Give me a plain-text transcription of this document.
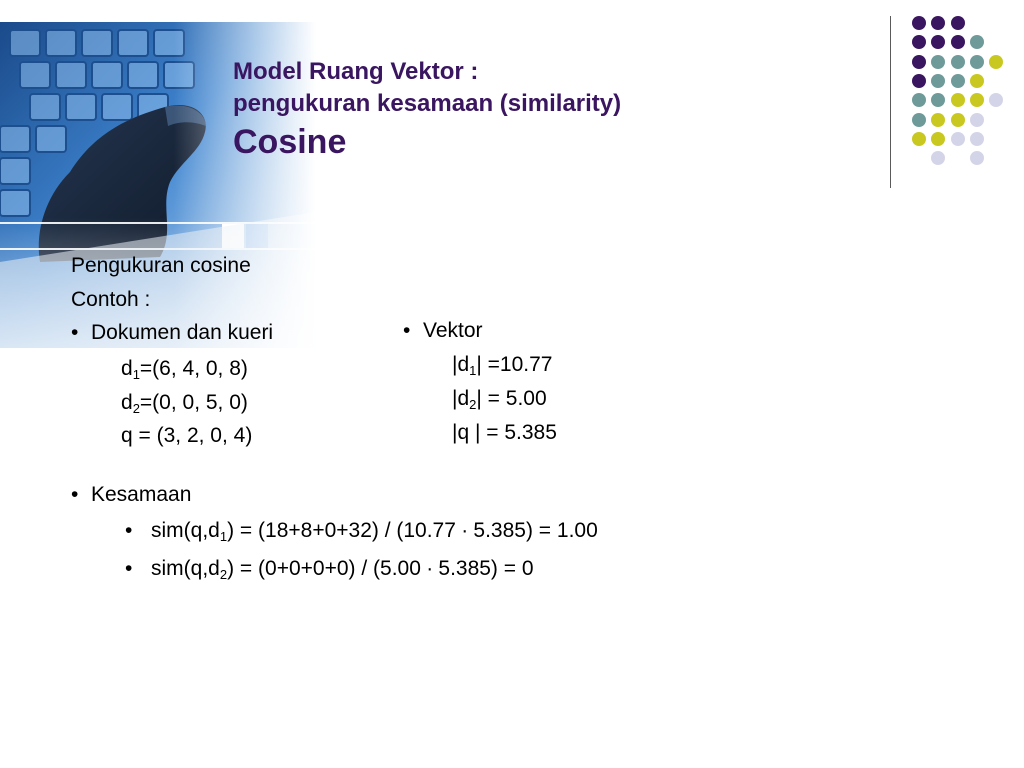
Model Ruang Vektor :
pengukuran kesamaan (similarity)
Cosine
Pengukuran cosine
Contoh :
• Dokumen dan kueri
$d_1=(6$, 4, 0, 8)
$d_2=(0$, 0, 5, 0)
q = (3, 2, 0, 4)
• Vektor
$|d_1| =10.77$
$|d_2| = 5.00$
|q | = 5.385
• Kesamaan
• $sim(q,d_1) = (18+8+0+32) / (10.77 \cdot 5.385) = 1.00$
• $sim(q,d_2) = (0+0+0+0) / (5.00 \cdot 5.385) = 0$
